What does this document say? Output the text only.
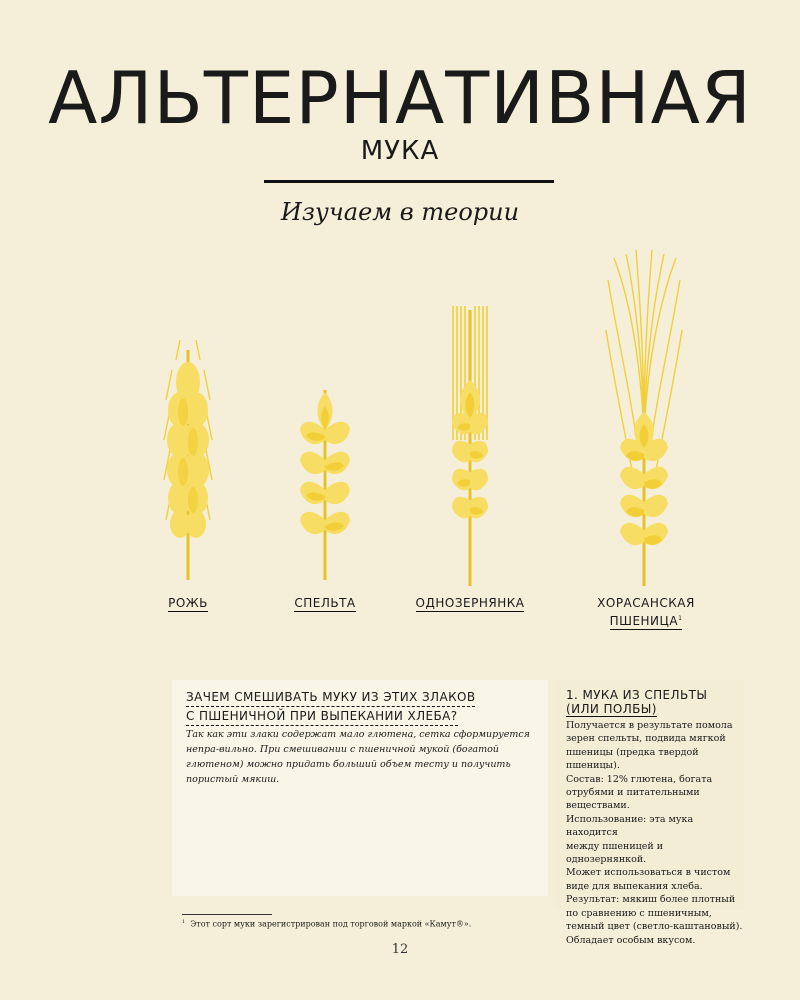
АЛЬТЕРНАТИВНАЯ
МУКА
Изучаем в теории
РОЖЬ	СПЕЛЬТА	ОДНОЗЕРНЯНКА	ХОРАСАНСКАЯ
ПШЕНИЦА$^1$
ЗАЧЕМ СМЕШИВАТЬ МУКУ ИЗ ЭТИХ ЗЛАКОВ
С ПШЕНИЧНОЙ ПРИ ВЫПЕКАНИИ ХЛЕБА?
Так как эти злаки содержат мало глютена, сетка сформируется непра-вильно. При смешивании с пшеничной мукой (богатой глютеном) можно придать больший объем тесту и получить пористый мякиш.
1. МУКА ИЗ СПЕЛЬТЫ
(ИЛИ ПОЛБЫ)
Получается в результате помола
зерен спельты, подвида мягкой
пшеницы (предка твердой
пшеницы).
Состав: 12% глютена, богата
отрубями и питательными
веществами.
Использование: эта мука находится
между пшеницей и однозернянкой.
Может использоваться в чистом
виде для выпекания хлеба.
Результат: мякиш более плотный
по сравнению с пшеничным,
темный цвет (светло-каштановый).
Обладает особым вкусом.
$^1$ Этот сорт муки зарегистрирован под торговой маркой «Камут®».
12
